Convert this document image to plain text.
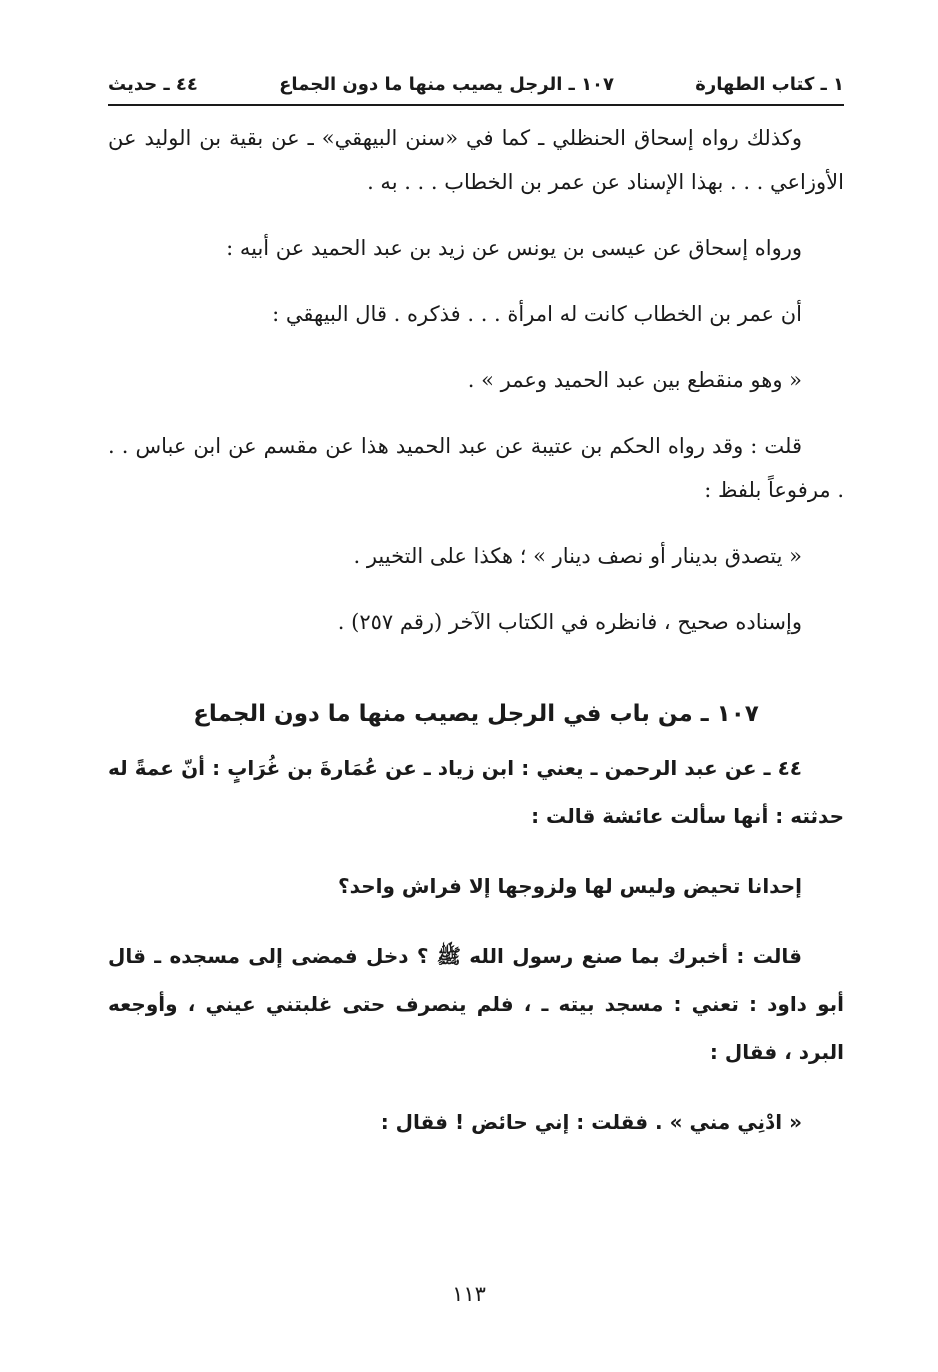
١ ـ كتاب الطهارة
١٠٧ ـ الرجل يصيب منها ما دون الجماع
٤٤ ـ حديث

وكذلك رواه إسحاق الحنظلي ـ كما في «سنن البيهقي» ـ عن بقية بن الوليد عن الأوزاعي . . . بهذا الإسناد عن عمر بن الخطاب . . . به .

ورواه إسحاق عن عيسى بن يونس عن زيد بن عبد الحميد عن أبيه :

أن عمر بن الخطاب كانت له امرأة . . . فذكره . قال البيهقي :

« وهو منقطع بين عبد الحميد وعمر » .

قلت : وقد رواه الحكم بن عتيبة عن عبد الحميد هذا عن مقسم عن ابن عباس . . . مرفوعاً بلفظ :

« يتصدق بدينار أو نصف دينار » ؛ هكذا على التخيير .

وإسناده صحيح ، فانظره في الكتاب الآخر (رقم ٢٥٧) .

١٠٧ ـ من باب في الرجل يصيب منها ما دون الجماع

٤٤ ـ عن عبد الرحمن ـ يعني : ابن زياد ـ عن عُمَارةَ بن غُرَابٍ : أنّ عمةً له حدثته : أنها سألت عائشة قالت :

إحدانا تحيض وليس لها ولزوجها إلا فراش واحد؟

قالت : أخبرك بما صنع رسول الله ﷺ ؟ دخل فمضى إلى مسجده ـ قال أبو داود : تعني : مسجد بيته ـ ، فلم ينصرف حتى غلبتني عيني ، وأوجعه البرد ، فقال :

« ادْنِي مني » . فقلت : إني حائض ! فقال :

١١٣
